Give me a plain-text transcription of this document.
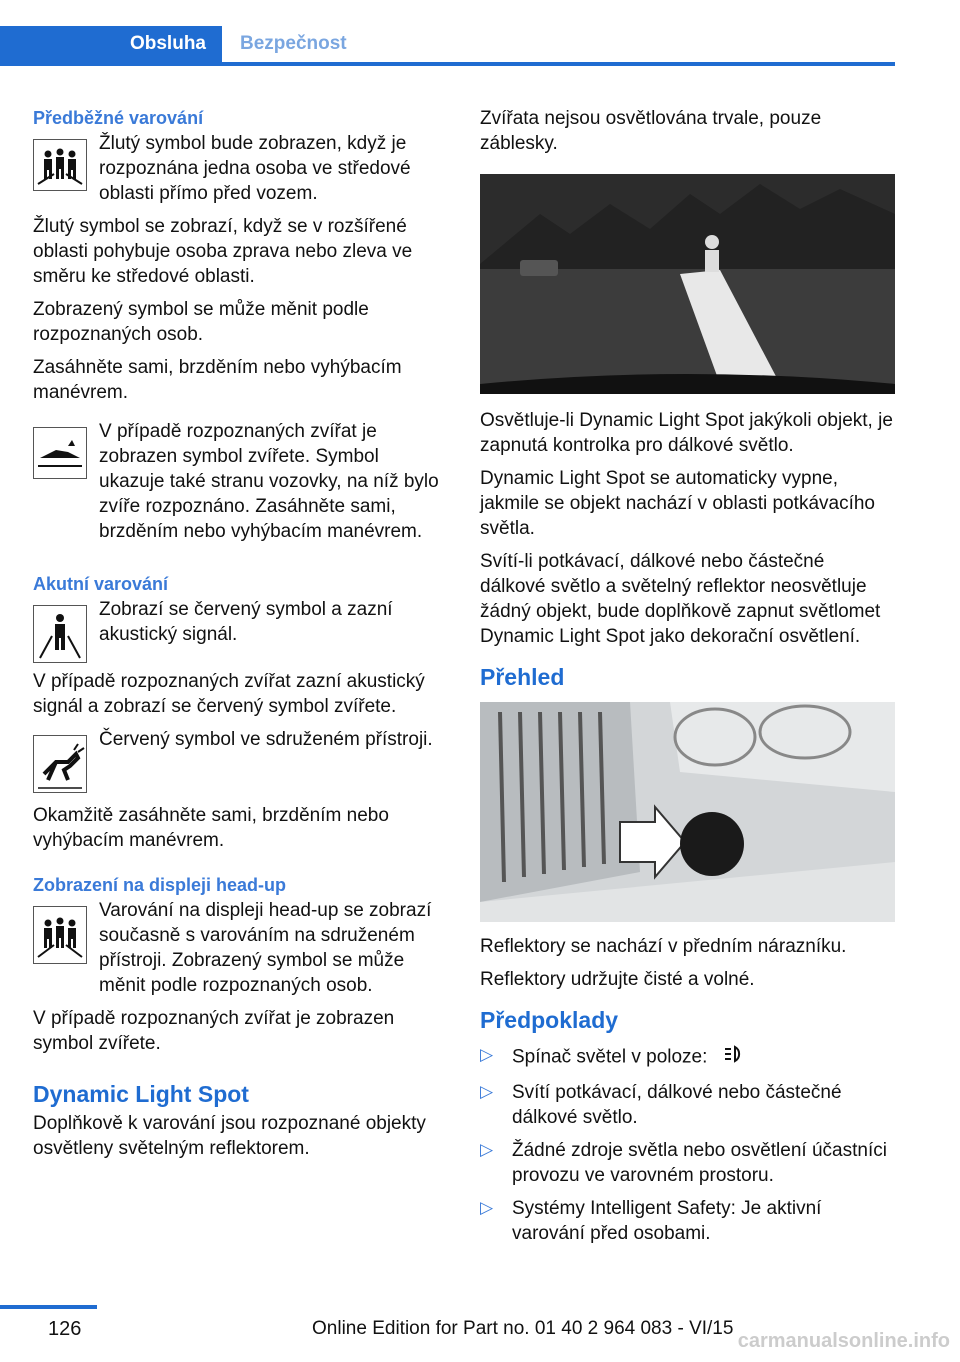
Obsluha	Bezpečnost
Předběžné varování

Žlutý symbol bude zobrazen, když je rozpoznána jedna osoba ve středové oblasti přímo před vozem.

Žlutý symbol se zobrazí, když se v rozšířené oblasti pohybuje osoba zprava nebo zleva ve směru ke středové oblasti.

Zobrazený symbol se může měnit podle rozpoznaných osob.

Zasáhněte sami, brzděním nebo vyhýbacím manévrem.

V případě rozpoznaných zvířat je zobrazen symbol zvířete. Symbol ukazuje také stranu vozovky, na níž bylo zvíře rozpoznáno. Zasáhněte sami, brzděním nebo vyhýbacím manévrem.

Akutní varování

Zobrazí se červený symbol a zazní akustický signál.

V případě rozpoznaných zvířat zazní akustický signál a zobrazí se červený symbol zvířete.

Červený symbol ve sdruženém přístroji.

Okamžitě zasáhněte sami, brzděním nebo vyhýbacím manévrem.

Zobrazení na displeji head-up

Varování na displeji head-up se zobrazí současně s varováním na sdruženém přístroji. Zobrazený symbol se může měnit podle rozpoznaných osob.

V případě rozpoznaných zvířat je zobrazen symbol zvířete.

Dynamic Light Spot

Doplňkově k varování jsou rozpoznané objekty osvětleny světelným reflektorem.

Zvířata nejsou osvětlována trvale, pouze záblesky.

Osvětluje-li Dynamic Light Spot jakýkoli objekt, je zapnutá kontrolka pro dálkové světlo.

Dynamic Light Spot se automaticky vypne, jakmile se objekt nachází v oblasti potkávacího světla.

Svítí-li potkávací, dálkové nebo částečné dálkové světlo a světelný reflektor neosvětluje žádný objekt, bude doplňkově zapnut světlomet Dynamic Light Spot jako dekorační osvětlení.

Přehled

Reflektory se nachází v předním nárazníku.

Reflektory udržujte čisté a volné.

Předpoklady
▷ Spínač světel v poloze:
▷ Svítí potkávací, dálkové nebo částečné dálkové světlo.
▷ Žádné zdroje světla nebo osvětlení účastníci provozu ve varovném prostoru.
▷ Systémy Intelligent Safety: Je aktivní varování před osobami.
126	Online Edition for Part no. 01 40 2 964 083 - VI/15
carmanualsonline.info
